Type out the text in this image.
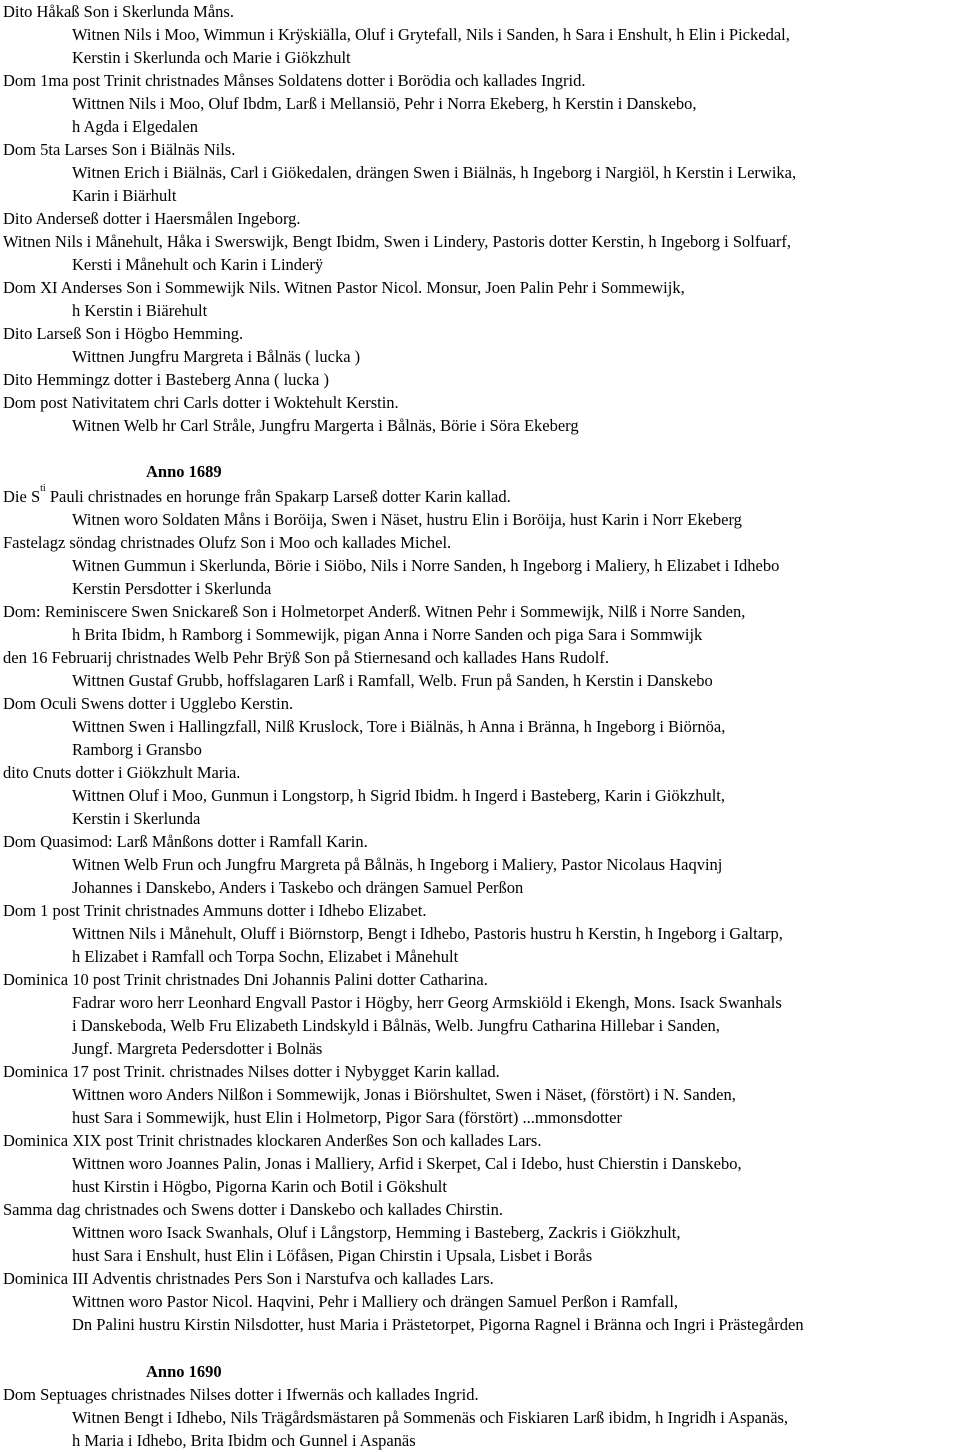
Dito Håkaß Son i Skerlunda Måns.

Witnen Nils i Moo, Wimmun i Krÿskiälla, Oluf i Grytefall, Nils i Sanden, h Sara i Enshult, h Elin i Pickedal,

Kerstin i Skerlunda och Marie i Giökzhult

Dom 1ma post Trinit christnades Månses Soldatens dotter i Borödia och kallades Ingrid.

Wittnen Nils i Moo, Oluf Ibdm, Larß i Mellansiö, Pehr i Norra Ekeberg, h Kerstin i Danskebo,

h Agda i Elgedalen

Dom 5ta Larses Son i Biälnäs Nils.

Witnen Erich i Biälnäs, Carl i Giökedalen, drängen Swen i Biälnäs, h Ingeborg i Nargiöl, h Kerstin i Lerwika,

Karin i Biärhult

Dito Anderseß dotter i Haersmålen Ingeborg.

Witnen Nils i Månehult, Håka i Swerswijk, Bengt Ibidm, Swen i Lindery, Pastoris dotter Kerstin, h Ingeborg i Solfuarf,

Kersti i Månehult och Karin i Linderÿ

Dom XI Anderses Son i Sommewijk Nils. Witnen Pastor Nicol. Monsur, Joen Palin Pehr i Sommewijk,

h Kerstin i Biärehult

Dito Larseß Son i Högbo Hemming.

Wittnen Jungfru Margreta i Bålnäs ( lucka )

Dito Hemmingz dotter i Basteberg Anna ( lucka )

Dom post Nativitatem chri Carls dotter i Woktehult Kerstin.

Witnen Welb hr Carl Stråle, Jungfru Margerta i Bålnäs, Börie i Söra Ekeberg

Anno 1689

Die $S^{ti}$ Pauli christnades en horunge från Spakarp Larseß dotter Karin kallad.

Witnen woro Soldaten Måns i Boröija, Swen i Näset, hustru Elin i Boröija, hust Karin i Norr Ekeberg

Fastelagz söndag christnades Olufz Son i Moo och kallades Michel.

Witnen Gummun i Skerlunda, Börie i Siöbo, Nils i Norre Sanden, h Ingeborg i Maliery, h Elizabet i Idhebo

Kerstin Persdotter i Skerlunda

Dom: Reminiscere Swen Snickareß Son i Holmetorpet Anderß. Witnen Pehr i Sommewijk, Nilß i Norre Sanden,

h Brita Ibidm, h Ramborg i Sommewijk, pigan Anna i Norre Sanden och piga Sara i Sommwijk

den 16 Februarij christnades Welb Pehr Brÿß Son på Stiernesand och kallades Hans Rudolf.

Wittnen Gustaf Grubb, hoffslagaren Larß i Ramfall, Welb. Frun på Sanden, h Kerstin i Danskebo

Dom Oculi Swens dotter i Ugglebo Kerstin.

Wittnen Swen i Hallingzfall, Nilß Kruslock, Tore i Biälnäs, h Anna i Bränna, h Ingeborg i Biörnöa,

Ramborg i Gransbo

dito Cnuts dotter i Giökzhult Maria.

Wittnen Oluf i Moo, Gunmun i Longstorp, h Sigrid Ibidm. h Ingerd i Basteberg, Karin i Giökzhult,

Kerstin i Skerlunda

Dom Quasimod: Larß Månßons dotter i Ramfall Karin.

Witnen Welb Frun och Jungfru Margreta på Bålnäs, h Ingeborg i Maliery, Pastor Nicolaus Haqvinj

Johannes i Danskebo, Anders i Taskebo och drängen Samuel Perßon

Dom 1 post Trinit christnades Ammuns dotter i Idhebo Elizabet.

Wittnen Nils i Månehult, Oluff i Biörnstorp, Bengt i Idhebo, Pastoris hustru h Kerstin, h Ingeborg i Galtarp,

h Elizabet i Ramfall och Torpa Sochn, Elizabet i Månehult

Dominica 10 post Trinit christnades Dni Johannis Palini dotter Catharina.

Fadrar woro herr Leonhard Engvall Pastor i Högby, herr Georg Armskiöld i Ekengh, Mons. Isack Swanhals

i Danskeboda, Welb Fru Elizabeth Lindskyld i Bålnäs, Welb. Jungfru Catharina Hillebar i Sanden,

Jungf. Margreta Pedersdotter i Bolnäs

Dominica 17 post Trinit. christnades Nilses dotter i Nybygget Karin kallad.

Wittnen woro Anders Nilßon i Sommewijk, Jonas i Biörshultet, Swen i Näset, (förstört) i N. Sanden,

hust Sara i Sommewijk, hust Elin i Holmetorp, Pigor Sara (förstört) ...mmonsdotter

Dominica XIX post Trinit christnades klockaren Anderßes Son och kallades Lars.

Wittnen woro Joannes Palin, Jonas i Malliery, Arfid i Skerpet, Cal i Idebo, hust Chierstin i Danskebo,

hust Kirstin i Högbo, Pigorna Karin och Botil i Gökshult

Samma dag christnades och Swens dotter i Danskebo och kallades Chirstin.

Wittnen woro Isack Swanhals, Oluf i Långstorp, Hemming i Basteberg, Zackris i Giökzhult,

hust Sara i Enshult, hust Elin i Löfåsen, Pigan Chirstin i Upsala, Lisbet i Borås

Dominica III Adventis christnades Pers Son i Narstufva och kallades Lars.

Wittnen woro Pastor Nicol. Haqvini, Pehr i Malliery och drängen Samuel Perßon i Ramfall,

Dn Palini hustru Kirstin Nilsdotter, hust Maria i Prästetorpet, Pigorna Ragnel i Bränna och Ingri i Prästegården

Anno 1690

Dom Septuages christnades Nilses dotter i Ifwernäs och kallades Ingrid.

Witnen Bengt i Idhebo, Nils Trägårdsmästaren på Sommenäs och Fiskiaren Larß ibidm, h Ingridh i Aspanäs,

h Maria i Idhebo, Brita Ibidm och Gunnel i Aspanäs
